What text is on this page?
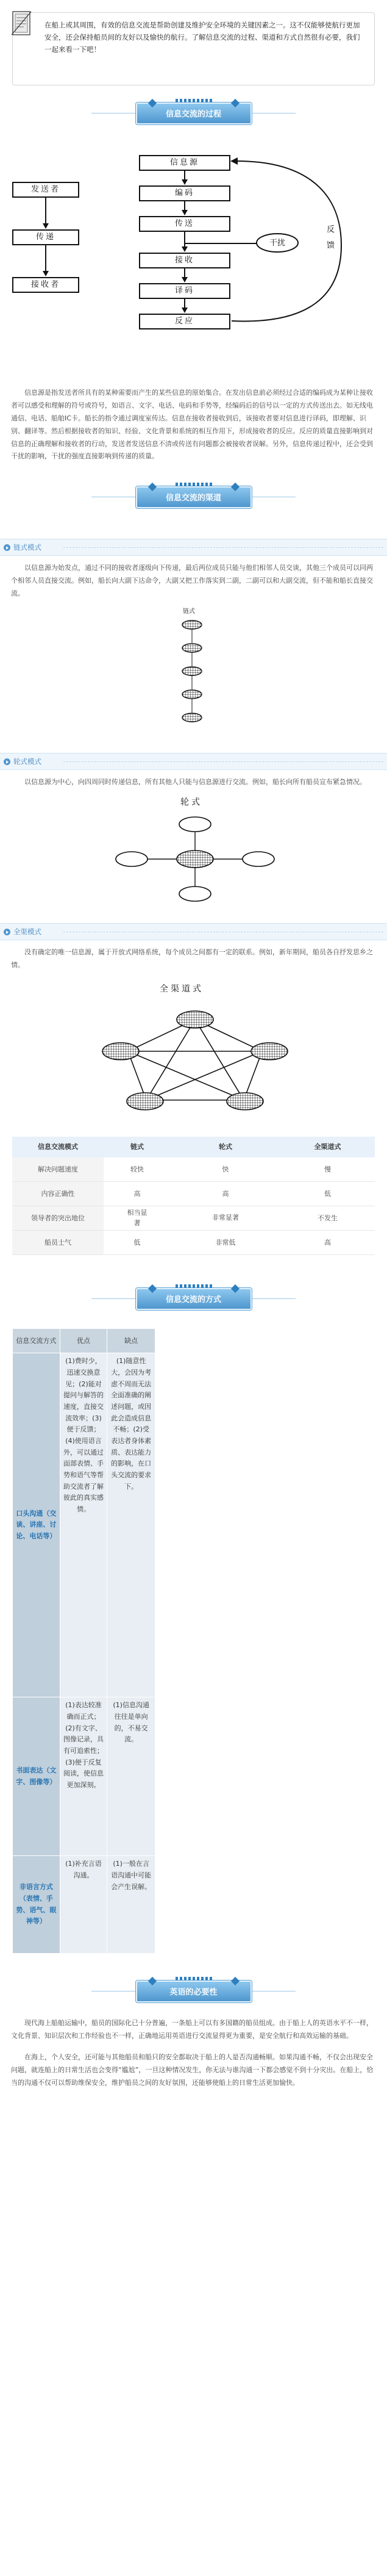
在船上或其周围，有效的信息交流是帮助创建及维护安全环境的关键因素之一。这不仅能够使航行更加安全，还会保持船员间的友好以及愉快的航行。了解信息交流的过程、渠道和方式自然很有必要，我们一起来看一下吧！
信息交流的过程
发送者
传递
接收者
信息源
编码
传送
接收
译码
反应
干扰
反馈

信息源是指发送者所具有的某种需要而产生的某些信息的原始集合。在发出信息前必须经过合适的编码成为某种让接收者可以感受和理解的符号或符号，如语言、文字、电话、电码和手势等，经编码后的信号以一定的方式传送出去。如无线电通信、电话、船舶IC卡。船长的指令通过调度室传达。信息在接收者接收到后，该接收者要对信息进行译码，即理解、识别、翻译等。然后根据接收者的知识、经验、文化背景和系统的相互作用下，形成接收者的反应。反应的质量直接影响到对信息的正确理解和接收者的行动，发送者发送信息不清或传送有问题都会被接收者误解。另外，信息传递过程中，还会受到干扰的影响，干扰的强度直接影响到传递的质量。

信息交流的渠道
链式模式

以信息源为始发点，通过不同的接收者逐级向下传递，最后两位成员只能与他们相邻人员交谈，其他三个成员可以同两个相邻人员直接交流。例如，船长向大副下达命令，大副又把工作落实到二副，二副可以和大副交流，但不能和船长直接交流。

链式
轮式模式

以信息源为中心，向四周同时传递信息，所有其他人只能与信息源进行交流。例如，船长向所有船员宣布紧急情况。

轮式
全渠模式

没有确定的唯一信息源，属于开放式网络系统，每个成员之间都有一定的联系。例如，新年期间，船员各自抒发思乡之情。

全渠道式
信息交流模式	链式	轮式	全渠道式
解决问题速度	较快	快	慢
内容正确性	高	高	低
领导者的突出地位	相当显著	非常显著	不发生
船员士气	低	非常低	高
信息交流的方式
信息交流方式	优点	缺点
口头沟通（交谈、讲座、讨论、电话等）	(1)费时少，迅速交换意见；(2)能对提问与解答的速度，直接交流效率；(3)便于反馈；(4)使用语言外，可以通过面部表情、手势和语气等帮助交流者了解彼此的真实感情。	(1)随意性大，会因为考虑不周而无法全面准确的阐述问题，或因此会造成信息不畅；(2)受表达者身体素质、表达能力的影响，在口头交流的要求下。
书面表达（文字、图像等）	(1)表达较准确而正式；(2)有文字、图像记录，具有可追索性；(3)便于反复阅读，使信息更加深刻。	(1)信息沟通往往是单向的，不易交流。
非语言方式（表情、手势、语气、眼神等）	(1)补充言语沟通。	(1)一般在言语沟通中可能会产生误解。
英语的必要性

现代海上船舶运输中，船员的国际化已十分普遍，一条船上可以有多国籍的船员组成。由于船上人的英语水平不一样，文化背景、知识层次和工作经验也不一样，正确地运用英语进行交流显得更为重要，是安全航行和高效运输的基础。

在海上，个人安全，还可能与其他船员和船只的安全都取决于船上的人是否沟通畅顺。如果沟通不畅，不仅会出现安全问题，就连船上的日常生活也会变得“尴尬”，一旦这种情况发生，你无法与谁沟通一下都会感觉不到十分灾出。在船上，恰当的沟通不仅可以帮助维保安全，维护船员之间的友好氛围，还能够使船上的日常生活更加愉快。
